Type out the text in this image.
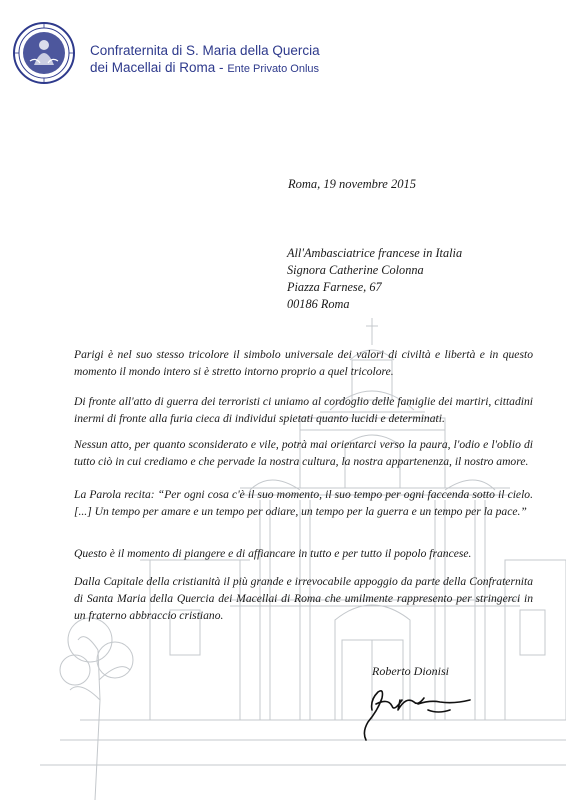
Confraternita di S. Maria della Quercia
dei Macellai di Roma - Ente Privato Onlus
Roma, 19 novembre 2015
All'Ambasciatrice francese in Italia
Signora Catherine Colonna
Piazza Farnese, 67
00186 Roma
Parigi è nel suo stesso tricolore il simbolo universale dei valori di civiltà e libertà e in questo momento il mondo intero si è stretto intorno proprio a quel tricolore.
Di fronte all'atto di guerra dei terroristi ci uniamo al cordoglio delle famiglie dei martiri, cittadini inermi di fronte alla furia cieca di individui spietati quanto lucidi e determinati.
Nessun atto, per quanto sconsiderato e vile, potrà mai orientarci verso la paura, l'odio e l'oblio di tutto ciò in cui crediamo e che pervade la nostra cultura, la nostra appartenenza, il nostro amore.
La Parola recita: “Per ogni cosa c'è il suo momento, il suo tempo per ogni faccenda sotto il cielo. [...] Un tempo per amare e un tempo per odiare, un tempo per la guerra e un tempo per la pace.”
Questo è il momento di piangere e di affiancare in tutto e per tutto il popolo francese.
Dalla Capitale della cristianità il più grande e irrevocabile appoggio da parte della Confraternita di Santa Maria della Quercia dei Macellai di Roma che umilmente rappresento per stringerci in un fraterno abbraccio cristiano.
Roberto Dionisi
